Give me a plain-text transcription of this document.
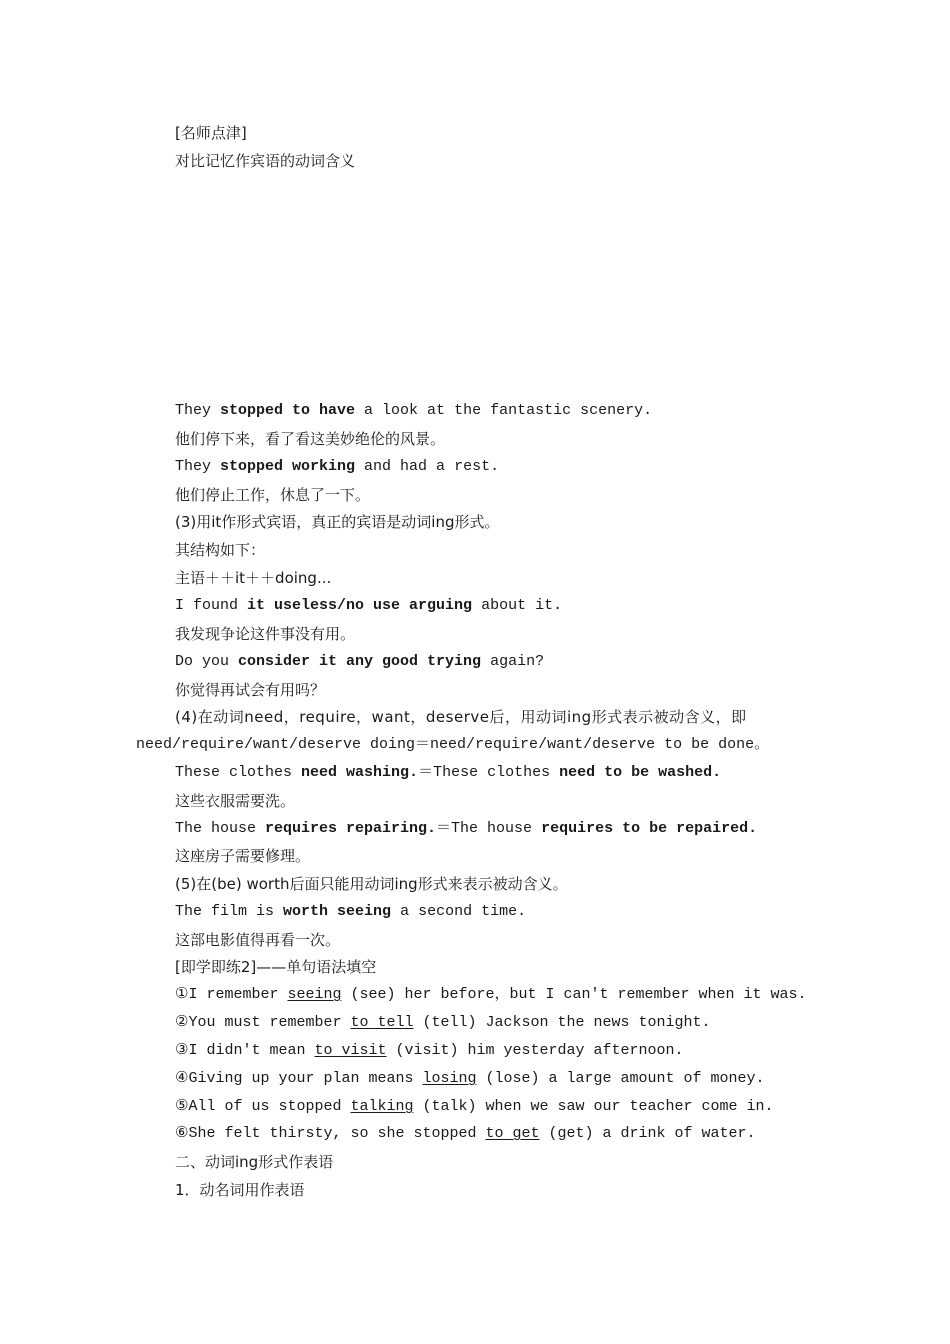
[名师点津]
对比记忆作宾语的动词含义
They stopped to have a look at the fantastic scenery.
他们停下来，看了看这美妙绝伦的风景。
They stopped working and had a rest.
他们停止工作，休息了一下。
(3)用it作形式宾语，真正的宾语是动词ing形式。
其结构如下：
主语＋＋it＋＋doing...
I found it useless/no use arguing about it.
我发现争论这件事没有用。
Do you consider it any good trying again?
你觉得再试会有用吗？
(4)在动词need，require，want，deserve后，用动词ing形式表示被动含义，即
need/require/want/deserve doing＝need/require/want/deserve to be done。
These clothes need washing.＝These clothes need to be washed.
这些衣服需要洗。
The house requires repairing.＝The house requires to be repaired.
这座房子需要修理。
(5)在(be) worth后面只能用动词ing形式来表示被动含义。
The film is worth seeing a second time.
这部电影值得再看一次。
[即学即练2]——单句语法填空
①I remember seeing (see) her before，but I can't remember when it was.
②You must remember to tell (tell) Jackson the news tonight.
③I didn't mean to visit (visit) him yesterday afternoon.
④Giving up your plan means losing (lose) a large amount of money.
⑤All of us stopped talking (talk) when we saw our teacher come in.
⑥She felt thirsty, so she stopped to get (get) a drink of water.
二、动词ing形式作表语
1．动名词用作表语
